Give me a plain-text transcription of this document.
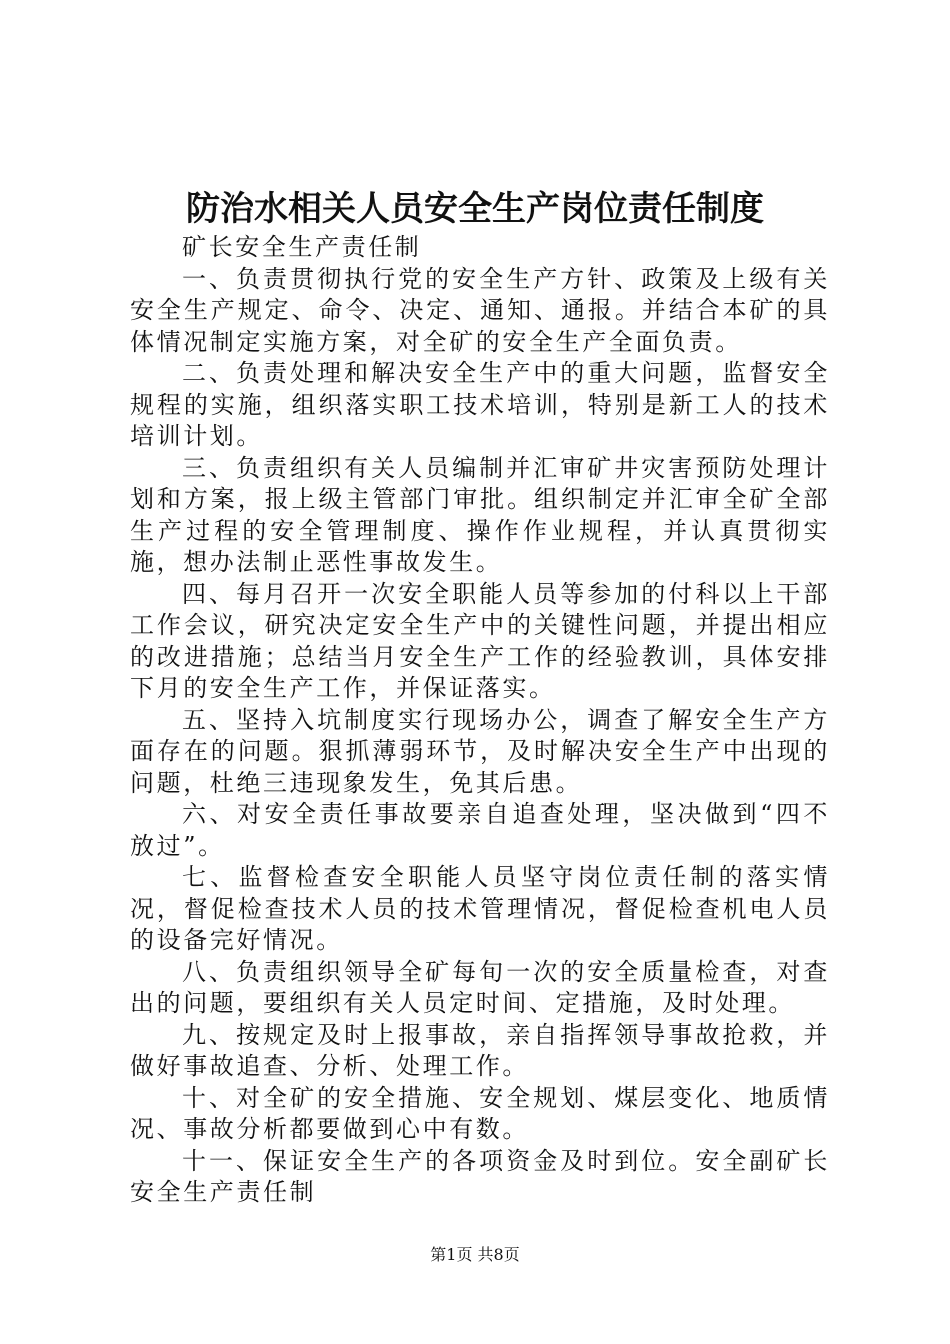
防治水相关人员安全生产岗位责任制度

矿长安全生产责任制

一、负责贯彻执行党的安全生产方针、政策及上级有关安全生产规定、命令、决定、通知、通报。并结合本矿的具体情况制定实施方案，对全矿的安全生产全面负责。

二、负责处理和解决安全生产中的重大问题，监督安全规程的实施，组织落实职工技术培训，特别是新工人的技术培训计划。

三、负责组织有关人员编制并汇审矿井灾害预防处理计划和方案，报上级主管部门审批。组织制定并汇审全矿全部生产过程的安全管理制度、操作作业规程，并认真贯彻实施，想办法制止恶性事故发生。

四、每月召开一次安全职能人员等参加的付科以上干部工作会议，研究决定安全生产中的关键性问题，并提出相应的改进措施；总结当月安全生产工作的经验教训，具体安排下月的安全生产工作，并保证落实。

五、坚持入坑制度实行现场办公，调查了解安全生产方面存在的问题。狠抓薄弱环节，及时解决安全生产中出现的问题，杜绝三违现象发生，免其后患。

六、对安全责任事故要亲自追查处理，坚决做到“四不放过”。

七、监督检查安全职能人员坚守岗位责任制的落实情况，督促检查技术人员的技术管理情况，督促检查机电人员的设备完好情况。

八、负责组织领导全矿每旬一次的安全质量检查，对查出的问题，要组织有关人员定时间、定措施，及时处理。

九、按规定及时上报事故，亲自指挥领导事故抢救，并做好事故追查、分析、处理工作。

十、对全矿的安全措施、安全规划、煤层变化、地质情况、事故分析都要做到心中有数。

十一、保证安全生产的各项资金及时到位。安全副矿长安全生产责任制

第1页 共8页
